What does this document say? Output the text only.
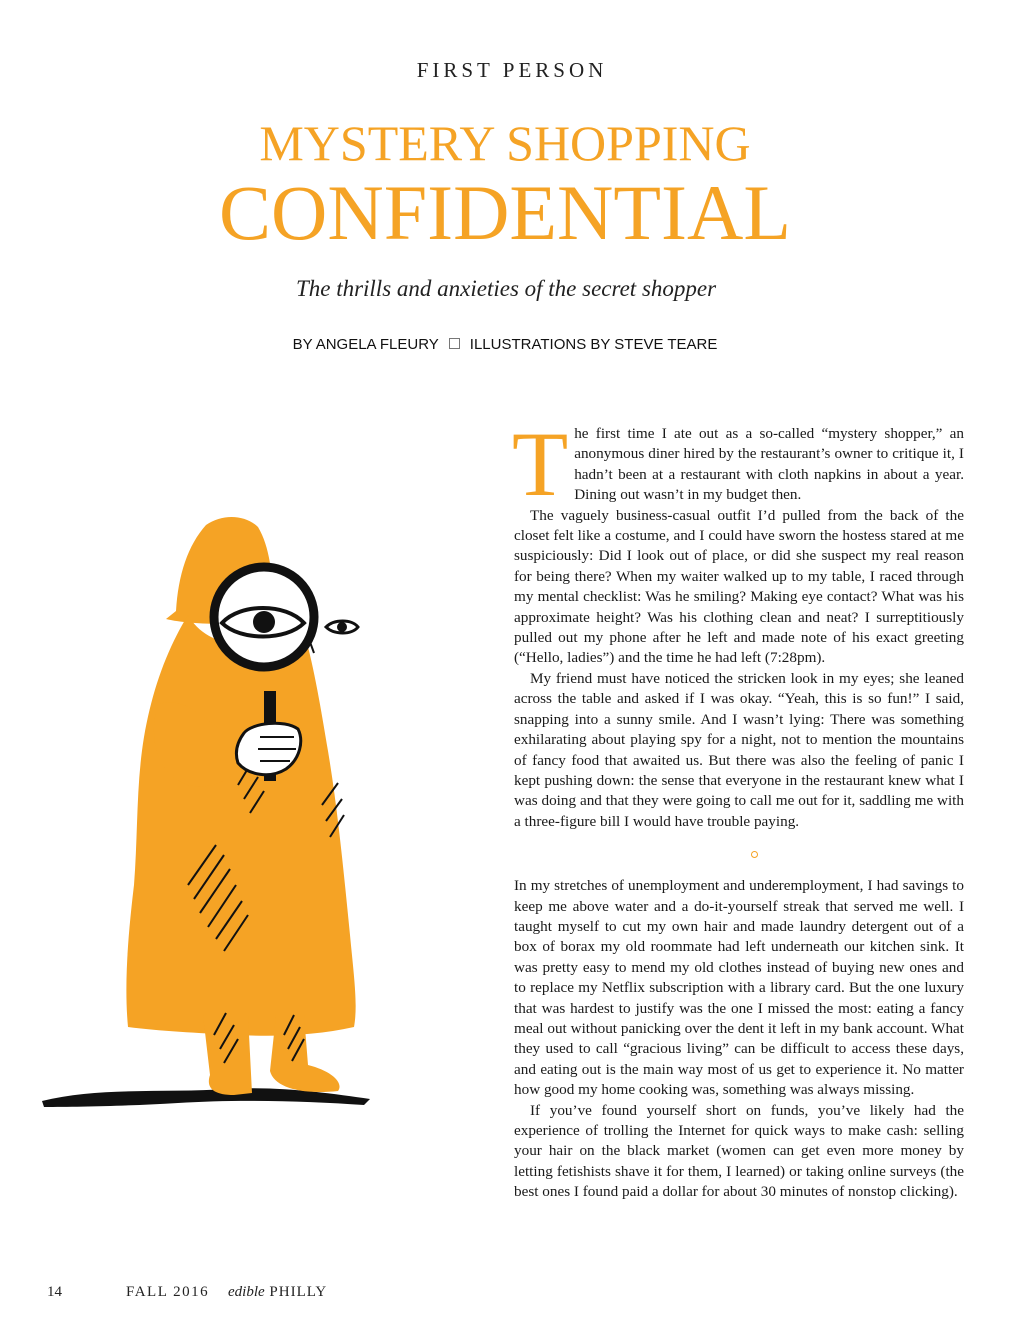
FIRST PERSON
MYSTERY SHOPPING
CONFIDENTIAL
The thrills and anxieties of the secret shopper
BY ANGELA FLEURY ILLUSTRATIONS BY STEVE TEARE

The first time I ate out as a so-called “mystery shopper,” an anonymous diner hired by the restaurant’s owner to critique it, I hadn’t been at a restaurant with cloth napkins in about a year. Dining out wasn’t in my budget then.

The vaguely business-casual outfit I’d pulled from the back of the closet felt like a costume, and I could have sworn the hostess stared at me suspiciously: Did I look out of place, or did she suspect my real reason for being there? When my waiter walked up to my table, I raced through my mental checklist: Was he smiling? Making eye contact? What was his approximate height? Was his clothing clean and neat? I surreptitiously pulled out my phone after he left and made note of his exact greeting (“Hello, ladies”) and the time he had left (7:28pm).

My friend must have noticed the stricken look in my eyes; she leaned across the table and asked if I was okay. “Yeah, this is so fun!” I said, snapping into a sunny smile. And I wasn’t lying: There was something exhilarating about playing spy for a night, not to mention the mountains of fancy food that awaited us. But there was also the feeling of panic I kept pushing down: the sense that everyone in the restaurant knew what I was doing and that they were going to call me out for it, saddling me with a three-figure bill I would have trouble paying.

In my stretches of unemployment and underemployment, I had savings to keep me above water and a do-it-yourself streak that served me well. I taught myself to cut my own hair and made laundry detergent out of a box of borax my old roommate had left underneath our kitchen sink. It was pretty easy to mend my old clothes instead of buying new ones and to replace my Netflix subscription with a library card. But the one luxury that was hardest to justify was the one I missed the most: eating a fancy meal out without panicking over the dent it left in my bank account. What they used to call “gracious living” can be difficult to access these days, and eating out is the main way most of us get to experience it. No matter how good my home cooking was, something was always missing.

If you’ve found yourself short on funds, you’ve likely had the experience of trolling the Internet for quick ways to make cash: selling your hair on the black market (women can get even more money by letting fetishists shave it for them, I learned) or taking online surveys (the best ones I found paid a dollar for about 30 minutes of nonstop clicking).

14	FALL 2016 edible PHILLY
